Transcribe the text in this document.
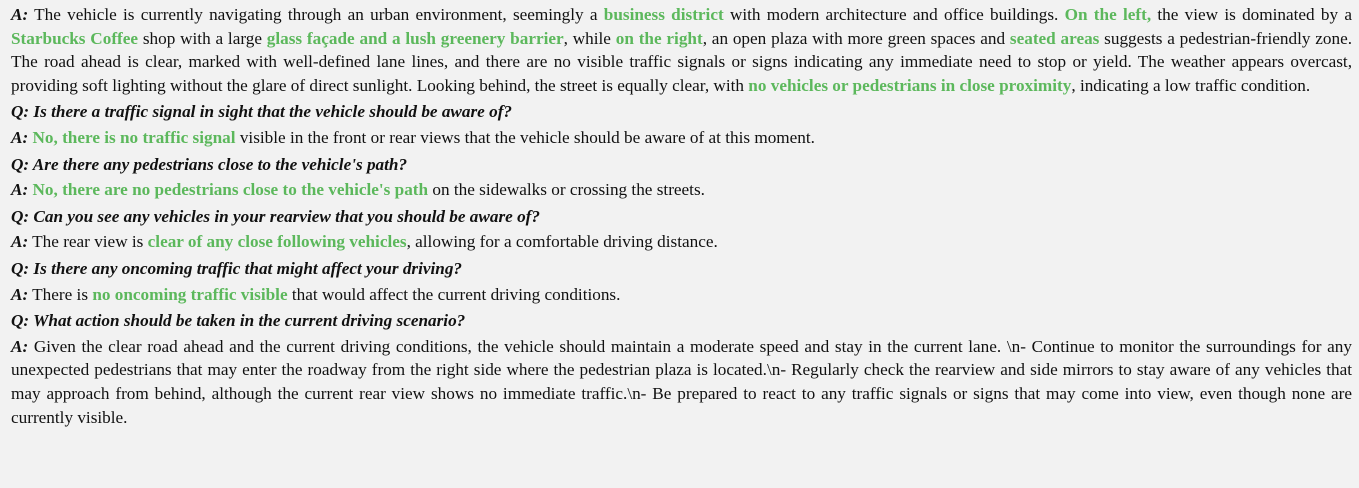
A: The vehicle is currently navigating through an urban environment, seemingly a business district with modern architecture and office buildings. On the left, the view is dominated by a Starbucks Coffee shop with a large glass façade and a lush greenery barrier, while on the right, an open plaza with more green spaces and seated areas suggests a pedestrian-friendly zone. The road ahead is clear, marked with well-defined lane lines, and there are no visible traffic signals or signs indicating any immediate need to stop or yield. The weather appears overcast, providing soft lighting without the glare of direct sunlight. Looking behind, the street is equally clear, with no vehicles or pedestrians in close proximity, indicating a low traffic condition.

Q: Is there a traffic signal in sight that the vehicle should be aware of?

A: No, there is no traffic signal visible in the front or rear views that the vehicle should be aware of at this moment.

Q: Are there any pedestrians close to the vehicle's path?

A: No, there are no pedestrians close to the vehicle's path on the sidewalks or crossing the streets.

Q: Can you see any vehicles in your rearview that you should be aware of?

A: The rear view is clear of any close following vehicles, allowing for a comfortable driving distance.

Q: Is there any oncoming traffic that might affect your driving?

A: There is no oncoming traffic visible that would affect the current driving conditions.

Q: What action should be taken in the current driving scenario?

A: Given the clear road ahead and the current driving conditions, the vehicle should maintain a moderate speed and stay in the current lane. \n- Continue to monitor the surroundings for any unexpected pedestrians that may enter the roadway from the right side where the pedestrian plaza is located.\n- Regularly check the rearview and side mirrors to stay aware of any vehicles that may approach from behind, although the current rear view shows no immediate traffic.\n- Be prepared to react to any traffic signals or signs that may come into view, even though none are currently visible.
